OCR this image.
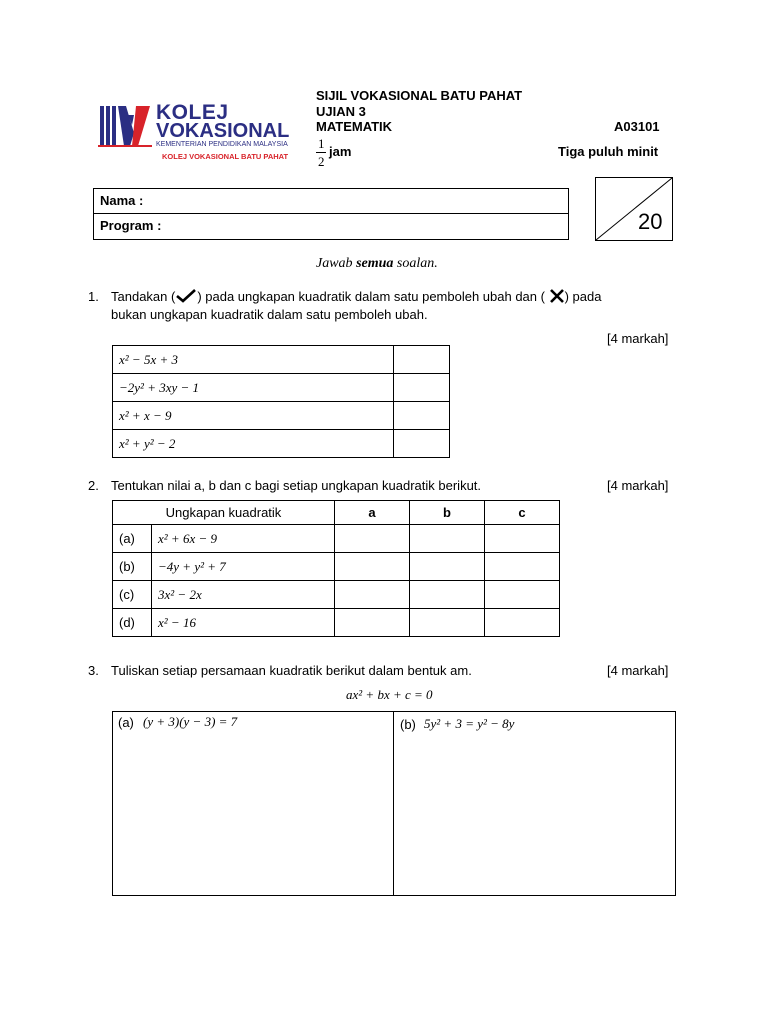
KOLEJ
VOKASIONAL
KEMENTERIAN PENDIDIKAN MALAYSIA
KOLEJ VOKASIONAL BATU PAHAT
SIJIL VOKASIONAL BATU PAHAT
UJIAN 3
MATEMATIK	A03101
1
2
jam	Tiga puluh minit
Nama :
Program :	20
Jawab semua soalan.
1. Tandakan ( ) pada ungkapan kuadratik dalam satu pemboleh ubah dan ( ) pada
bukan ungkapan kuadratik dalam satu pemboleh ubah.
[4 markah]
x² − 5x + 3	
−2y² + 3xy − 1	
x² + x − 9	
x² + y² − 2	
2. Tentukan nilai a, b dan c bagi setiap ungkapan kuadratik berikut.	[4 markah]
Ungkapan kuadratik		a	b	c
(a)	x² + 6x − 9			
(b)	−4y + y² + 7			
(c)	3x² − 2x			
(d)	x² − 16			
3. Tuliskan setiap persamaan kuadratik berikut dalam bentuk am.	[4 markah]
ax² + bx + c = 0
(a) (y + 3)(y − 3) = 7	(b) 5y² + 3 = y² − 8y
